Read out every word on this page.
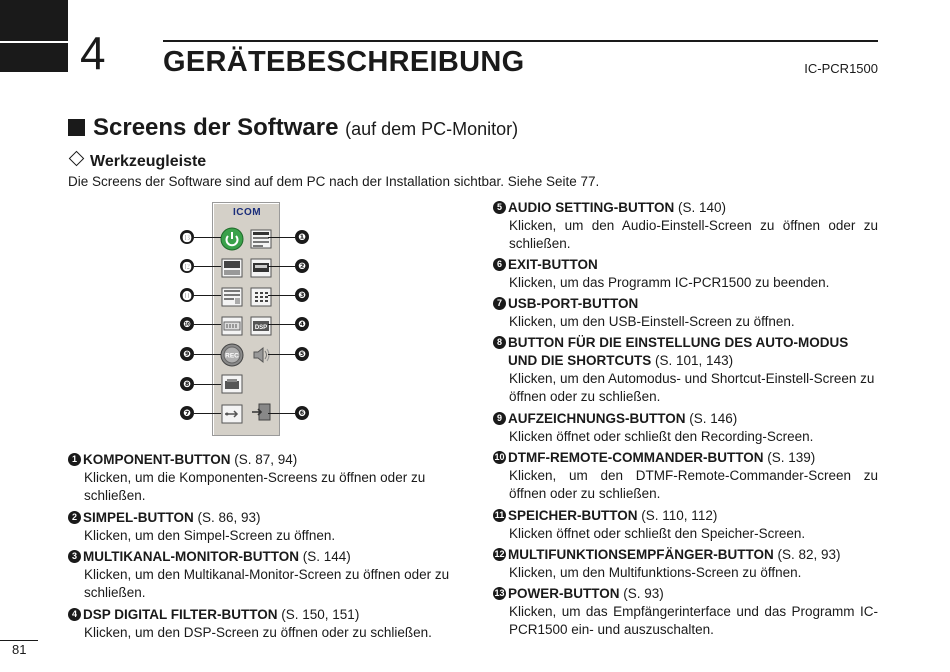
4 GERÄTEBESCHREIBUNG	IC-PCR1500
Screens der Software (auf dem PC-Monitor)
Werkzeugleiste
Die Screens der Software sind auf dem PC nach der Installation sichtbar. Siehe Seite 77.
ICOM
DSP
REC
⓭
⓬
⓫
❿
❾
❽
❼
❶
❷
❸
❹
❺
❻
1 KOMPONENT-BUTTON (S. 87, 94)
Klicken, um die Komponenten-Screens zu öffnen oder zu schließen.
2 SIMPEL-BUTTON (S. 86, 93)
Klicken, um den Simpel-Screen zu öffnen.
3 MULTIKANAL-MONITOR-BUTTON (S. 144)
Klicken, um den Multikanal-Monitor-Screen zu öffnen oder zu schließen.
4 DSP DIGITAL FILTER-BUTTON (S. 150, 151)
Klicken, um den DSP-Screen zu öffnen oder zu schließen.
5 AUDIO SETTING-BUTTON (S. 140)
Klicken, um den Audio-Einstell-Screen zu öffnen oder zu schließen.
6 EXIT-BUTTON
Klicken, um das Programm IC-PCR1500 zu beenden.
7 USB-PORT-BUTTON
Klicken, um den USB-Einstell-Screen zu öffnen.
8 BUTTON FÜR DIE EINSTELLUNG DES AUTO-MODUS UND DIE SHORTCUTS (S. 101, 143)
Klicken, um den Automodus- und Shortcut-Einstell-Screen zu öffnen oder zu schließen.
9 AUFZEICHNUNGS-BUTTON (S. 146)
Klicken öffnet oder schließt den Recording-Screen.
10 DTMF-REMOTE-COMMANDER-BUTTON (S. 139)
Klicken, um den DTMF-Remote-Commander-Screen zu öffnen oder zu schließen.
11 SPEICHER-BUTTON (S. 110, 112)
Klicken öffnet oder schließt den Speicher-Screen.
12 MULTIFUNKTIONSEMPFÄNGER-BUTTON (S. 82, 93)
Klicken, um den Multifunktions-Screen zu öffnen.
13 POWER-BUTTON (S. 93)
Klicken, um das Empfängerinterface und das Programm IC-PCR1500 ein- und auszuschalten.
81
